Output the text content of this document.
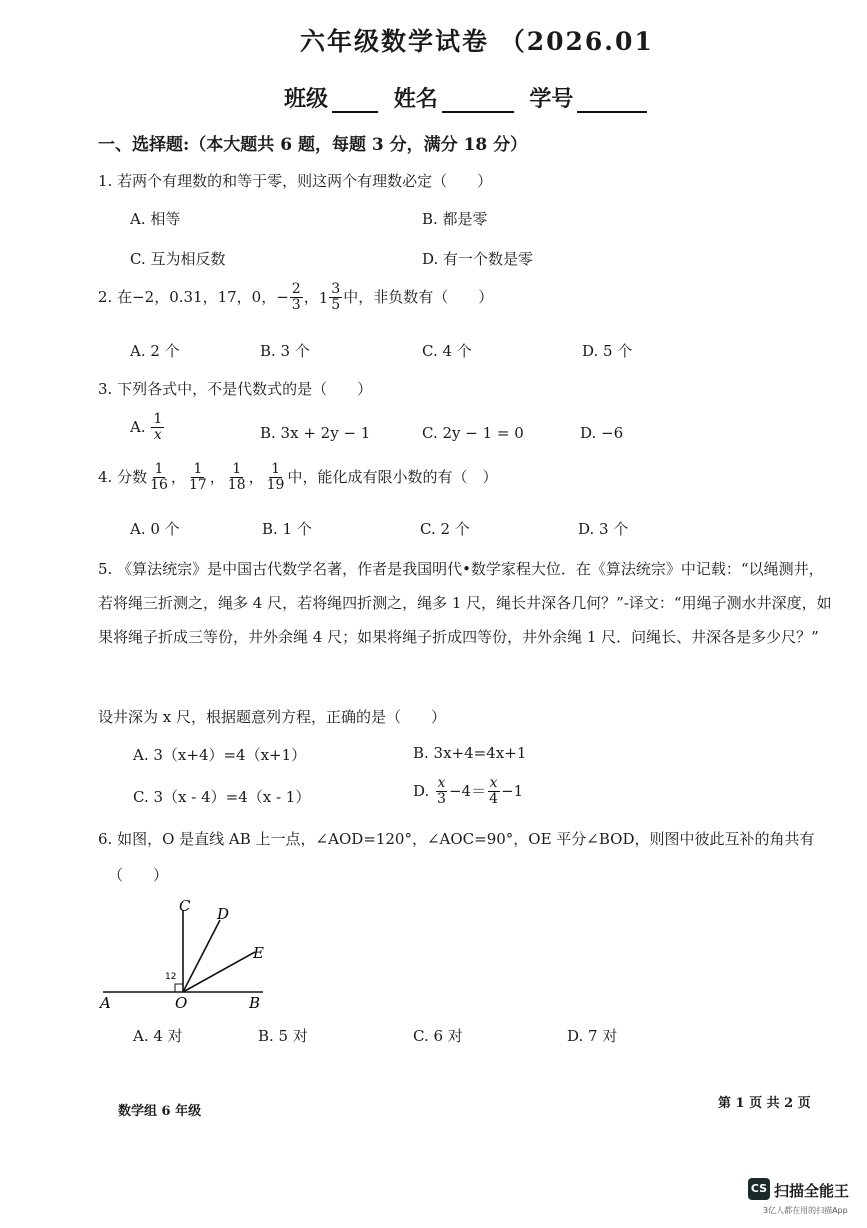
六年级数学试卷 （2026.01
班级	姓名	学号
一、选择题:（本大题共 6 题，每题 3 分，满分 18 分）
1. 若两个有理数的和等于零，则这两个有理数必定（　　）
A. 相等	B. 都是零
C. 互为相反数	D. 有一个数是零
2. 在−2，0.31，17，0，− $\frac{2}{3}$ ，$1 \frac{3}{5}$ 中，非负数有（　　）
A. 2 个	B. 3 个	C. 4 个	D. 5 个
3. 下列各式中，不是代数式的是（　　）
A. $\frac{1}{x}$	B. 3x + 2y − 1	C. 2y − 1 = 0	D. −6
4. 分数 $\frac{1}{16}$ ， $\frac{1}{17}$ ， $\frac{1}{18}$ ， $\frac{1}{19}$ 中，能化成有限小数的有（　）
A. 0 个	B. 1 个	C. 2 个	D. 3 个
5. 《算法统宗》是中国古代数学名著，作者是我国明代•数学家程大位．在《算法统宗》中记载：“以绳测井，若将绳三折测之，绳多 4 尺，若将绳四折测之，绳多 1 尺，绳长井深各几何？”-译文：“用绳子测水井深度，如果将绳子折成三等份，井外余绳 4 尺；如果将绳子折成四等份，井外余绳 1 尺．问绳长、井深各是多少尺？”
设井深为 x 尺，根据题意列方程，正确的是（　　）
A. 3（x+4）=4（x+1）	B. 3x+4=4x+1
C. 3（x - 4）=4（x - 1）	D. $\frac{x}{3} -4= \frac{x}{4} -1$
6. 如图，O 是直线 AB 上一点，∠AOD=120°，∠AOC=90°，OE 平分∠BOD，则图中彼此互补的角共有
（　　）
C D
E
A	O	B
12
A. 4 对	B. 5 对	C. 6 对	D. 7 对
数学组 6 年级
第 1 页 共 2 页
CS 扫描全能王
3亿人都在用的扫描App
